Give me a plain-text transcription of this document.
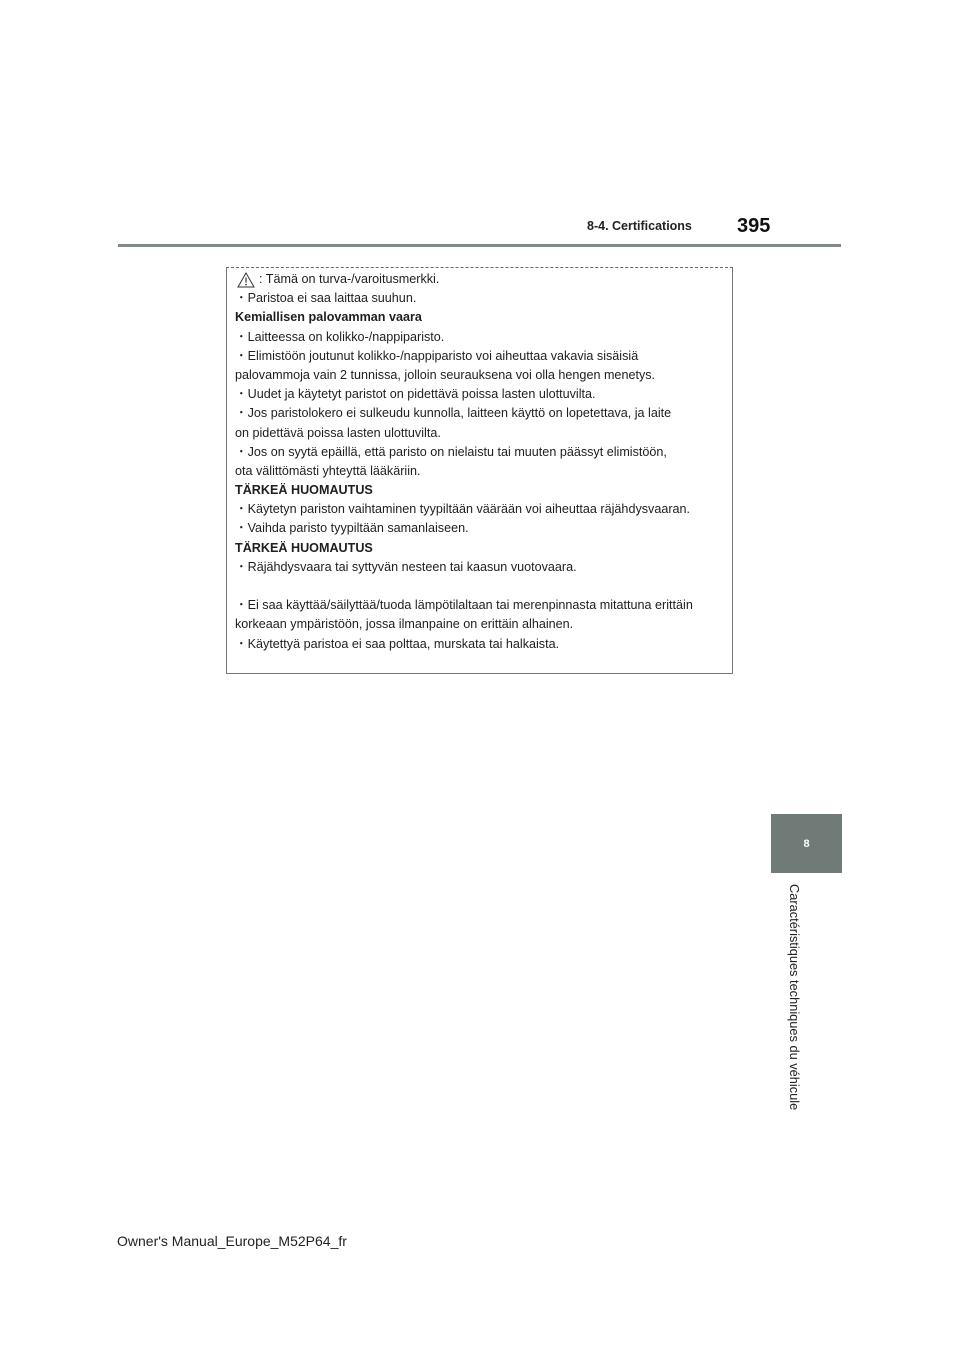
8-4. Certifications 395
: Tämä on turva-/varoitusmerkki.
・Paristoa ei saa laittaa suuhun.
Kemiallisen palovamman vaara
・Laitteessa on kolikko-/nappiparisto.
・Elimistöön joutunut kolikko-/nappiparisto voi aiheuttaa vakavia sisäisiä
palovammoja vain 2 tunnissa, jolloin seurauksena voi olla hengen menetys.
・Uudet ja käytetyt paristot on pidettävä poissa lasten ulottuvilta.
・Jos paristolokero ei sulkeudu kunnolla, laitteen käyttö on lopetettava, ja laite
on pidettävä poissa lasten ulottuvilta.
・Jos on syytä epäillä, että paristo on nielaistu tai muuten päässyt elimistöön,
ota välittömästi yhteyttä lääkäriin.
TÄRKEÄ HUOMAUTUS
・Käytetyn pariston vaihtaminen tyypiltään väärään voi aiheuttaa räjähdysvaaran.
・Vaihda paristo tyypiltään samanlaiseen.
TÄRKEÄ HUOMAUTUS
・Räjähdysvaara tai syttyvän nesteen tai kaasun vuotovaara.
・Ei saa käyttää/säilyttää/tuoda lämpötilaltaan tai merenpinnasta mitattuna erittäin
korkeaan ympäristöön, jossa ilmanpaine on erittäin alhainen.
・Käytettyä paristoa ei saa polttaa, murskata tai halkaista.
8
Caractéristiques techniques du véhicule
Owner's Manual_Europe_M52P64_fr
